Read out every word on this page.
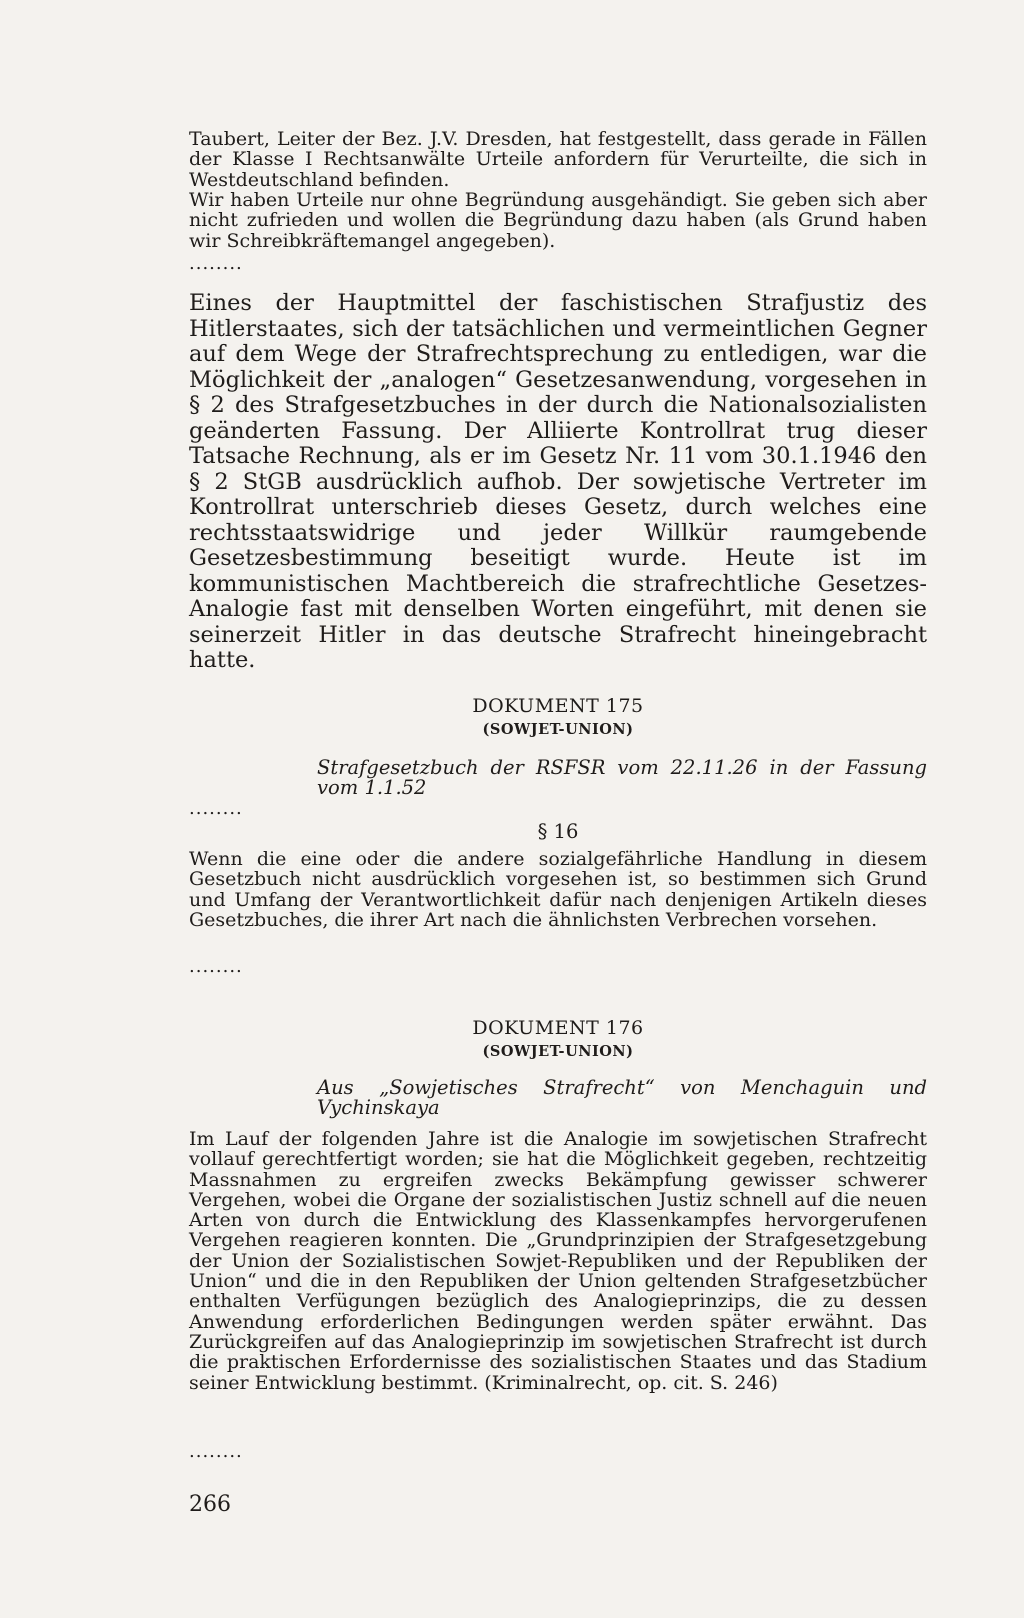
Taubert, Leiter der Bez. J.V. Dresden, hat festgestellt, dass gerade in Fällen der Klasse I Rechtsanwälte Urteile anfordern für Verurteilte, die sich in Westdeutschland befinden.

Wir haben Urteile nur ohne Begründung ausgehändigt. Sie geben sich aber nicht zufrieden und wollen die Begründung dazu haben (als Grund haben wir Schreibkräftemangel angegeben).

........

Eines der Hauptmittel der faschistischen Strafjustiz des Hitlerstaates, sich der tatsächlichen und vermeintlichen Gegner auf dem Wege der Strafrechtsprechung zu entledigen, war die Möglichkeit der „analogen“ Gesetzesanwendung, vorgesehen in § 2 des Strafgesetzbuches in der durch die Nationalsozialisten geänderten Fassung. Der Alliierte Kontrollrat trug dieser Tatsache Rechnung, als er im Gesetz Nr. 11 vom 30.1.1946 den § 2 StGB ausdrücklich aufhob. Der sowjetische Vertreter im Kontrollrat unterschrieb dieses Gesetz, durch welches eine rechtsstaatswidrige und jeder Willkür raumgebende Gesetzesbestimmung beseitigt wurde. Heute ist im kommunistischen Machtbereich die strafrechtliche Gesetzes-Analogie fast mit denselben Worten eingeführt, mit denen sie seinerzeit Hitler in das deutsche Strafrecht hineingebracht hatte.

DOKUMENT 175
(SOWJET-UNION)

Strafgesetzbuch der RSFSR vom 22.11.26 in der Fassung vom 1.1.52

........
§ 16

Wenn die eine oder die andere sozialgefährliche Handlung in diesem Gesetzbuch nicht ausdrücklich vorgesehen ist, so bestimmen sich Grund und Umfang der Verantwortlichkeit dafür nach denjenigen Artikeln dieses Gesetzbuches, die ihrer Art nach die ähnlichsten Verbrechen vorsehen.

........
DOKUMENT 176
(SOWJET-UNION)

Aus „Sowjetisches Strafrecht“ von Menchaguin und Vychinskaya

Im Lauf der folgenden Jahre ist die Analogie im sowjetischen Strafrecht vollauf gerechtfertigt worden; sie hat die Möglichkeit gegeben, rechtzeitig Massnahmen zu ergreifen zwecks Bekämpfung gewisser schwerer Vergehen, wobei die Organe der sozialistischen Justiz schnell auf die neuen Arten von durch die Entwicklung des Klassenkampfes hervorgerufenen Vergehen reagieren konnten. Die „Grundprinzipien der Strafgesetzgebung der Union der Sozialistischen Sowjet-Republiken und der Republiken der Union“ und die in den Republiken der Union geltenden Strafgesetzbücher enthalten Verfügungen bezüglich des Analogieprinzips, die zu dessen Anwendung erforderlichen Bedingungen werden später erwähnt. Das Zurückgreifen auf das Analogieprinzip im sowjetischen Strafrecht ist durch die praktischen Erfordernisse des sozialistischen Staates und das Stadium seiner Entwicklung bestimmt. (Kriminalrecht, op. cit. S. 246)

........
266
